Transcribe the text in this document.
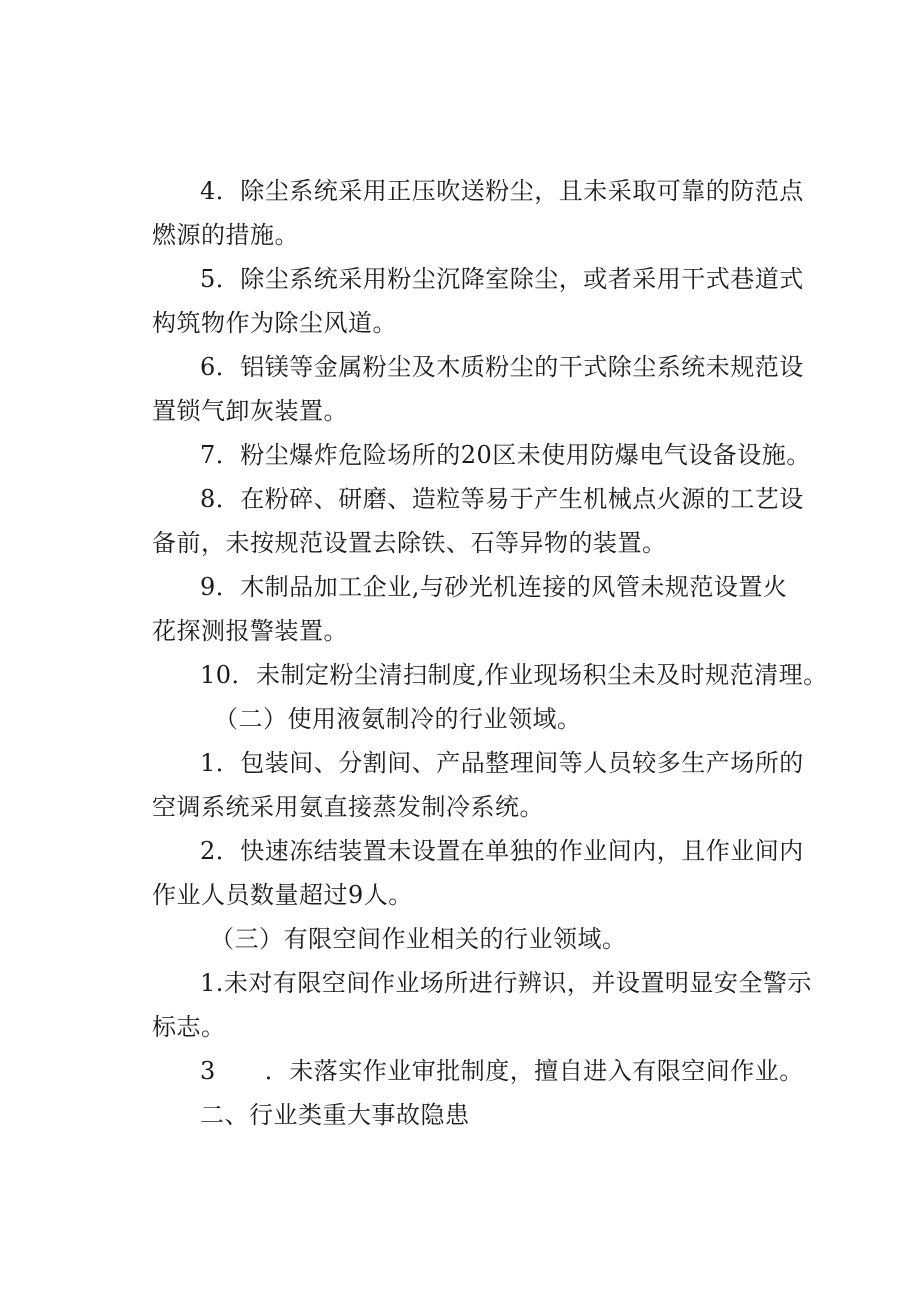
4．除尘系统采用正压吹送粉尘，且未采取可靠的防范点
燃源的措施。
5．除尘系统采用粉尘沉降室除尘，或者采用干式巷道式
构筑物作为除尘风道。
6．铝镁等金属粉尘及木质粉尘的干式除尘系统未规范设
置锁气卸灰装置。
7．粉尘爆炸危险场所的20区未使用防爆电气设备设施。
8．在粉碎、研磨、造粒等易于产生机械点火源的工艺设
备前，未按规范设置去除铁、石等异物的装置。
9．木制品加工企业,与砂光机连接的风管未规范设置火
花探测报警装置。
10．未制定粉尘清扫制度,作业现场积尘未及时规范清理。
（二）使用液氨制冷的行业领域。
1．包装间、分割间、产品整理间等人员较多生产场所的
空调系统采用氨直接蒸发制冷系统。
2．快速冻结装置未设置在单独的作业间内，且作业间内
作业人员数量超过9人。
（三）有限空间作业相关的行业领域。
1.未对有限空间作业场所进行辨识，并设置明显安全警示
标志。
3　　．未落实作业审批制度，擅自进入有限空间作业。
二、行业类重大事故隐患
